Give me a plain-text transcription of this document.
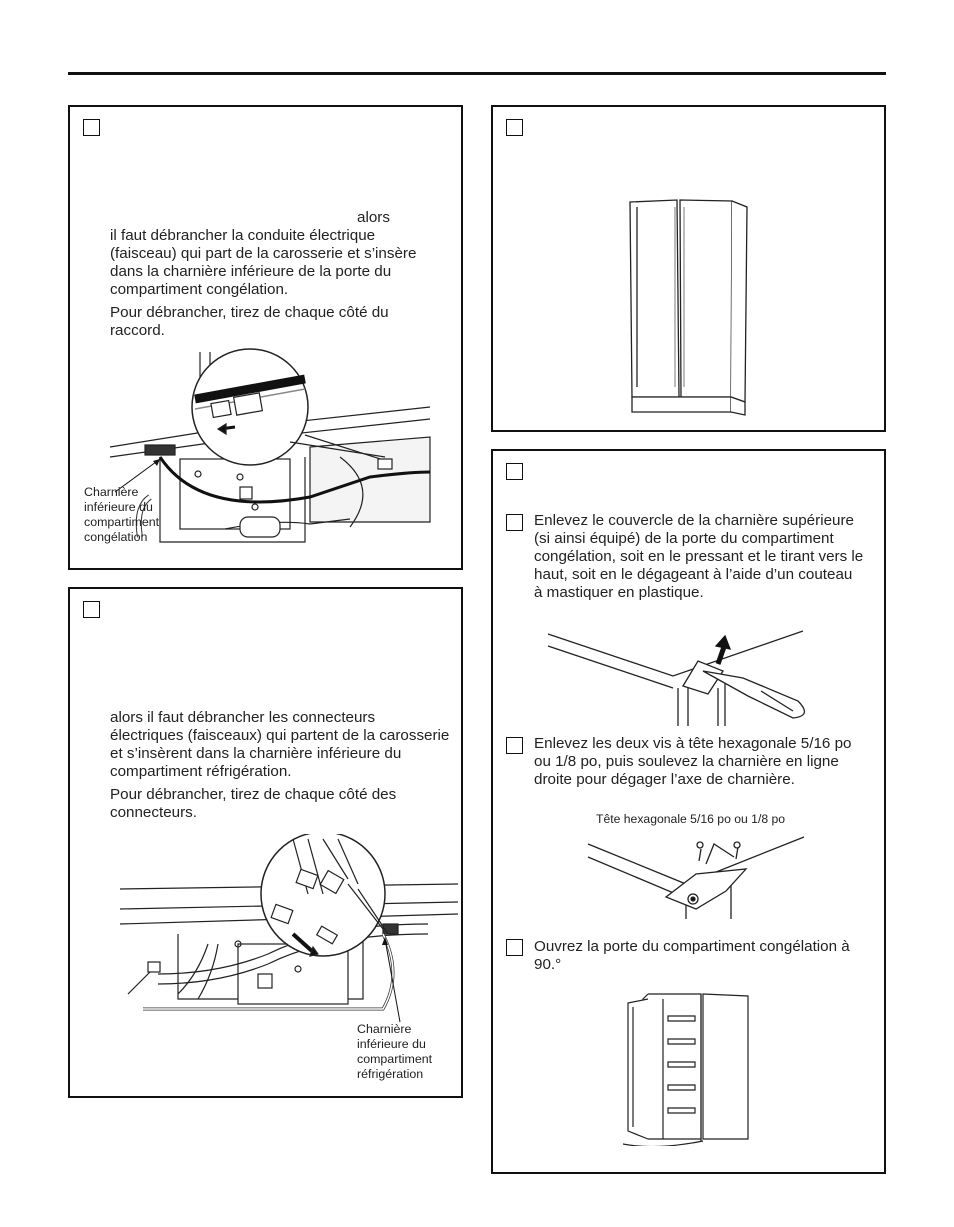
alors

il faut débrancher la conduite électrique (faisceau) qui part de la carosserie et s’insère dans la charnière inférieure de la porte du compartiment congélation.

Pour débrancher, tirez de chaque côté du raccord.

Charnière inférieure du compartiment congélation

alors il faut débrancher les connecteurs électriques (faisceaux) qui partent de la carosserie et s’insèrent dans la charnière inférieure du compartiment réfrigération.

Pour débrancher, tirez de chaque côté des connecteurs.

Charnière inférieure du compartiment réfrigération

Enlevez le couvercle de la charnière supérieure (si ainsi équipé) de la porte du compartiment congélation, soit en le pressant et le tirant vers le haut, soit en le dégageant à l’aide d’un couteau à mastiquer en plastique.

Enlevez les deux vis à tête hexagonale 5/16 po ou 1/8 po, puis soulevez la charnière en ligne droite pour dégager l’axe de charnière.

Tête hexagonale 5/16 po ou 1/8 po

Ouvrez la porte du compartiment congélation à 90.°
